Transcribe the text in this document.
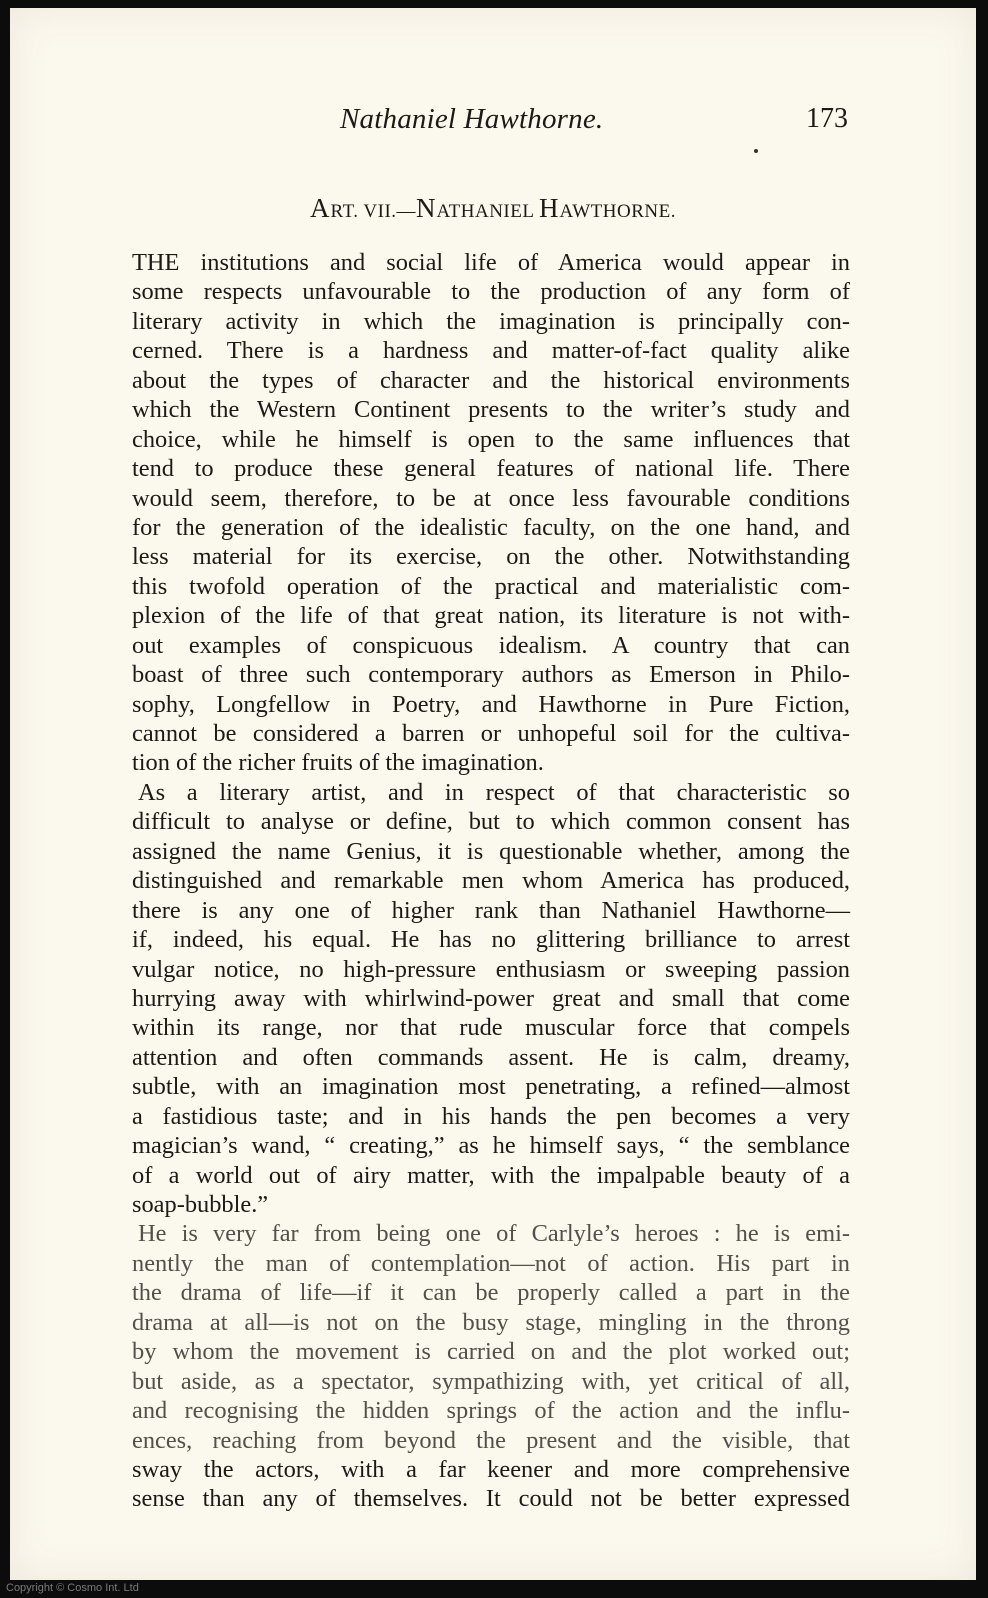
Nathaniel Hawthorne.	173
ART. VII.—NATHANIEL HAWTHORNE.
THE institutions and social life of America would appear in
some respects unfavourable to the production of any form of
literary activity in which the imagination is principally con-
cerned. There is a hardness and matter-of-fact quality alike
about the types of character and the historical environments
which the Western Continent presents to the writer’s study and
choice, while he himself is open to the same influences that
tend to produce these general features of national life. There
would seem, therefore, to be at once less favourable conditions
for the generation of the idealistic faculty, on the one hand, and
less material for its exercise, on the other. Notwithstanding
this twofold operation of the practical and materialistic com-
plexion of the life of that great nation, its literature is not with-
out examples of conspicuous idealism. A country that can
boast of three such contemporary authors as Emerson in Philo-
sophy, Longfellow in Poetry, and Hawthorne in Pure Fiction,
cannot be considered a barren or unhopeful soil for the cultiva-
tion of the richer fruits of the imagination.
As a literary artist, and in respect of that characteristic so
difficult to analyse or define, but to which common consent has
assigned the name Genius, it is questionable whether, among the
distinguished and remarkable men whom America has produced,
there is any one of higher rank than Nathaniel Hawthorne—
if, indeed, his equal. He has no glittering brilliance to arrest
vulgar notice, no high-pressure enthusiasm or sweeping passion
hurrying away with whirlwind-power great and small that come
within its range, nor that rude muscular force that compels
attention and often commands assent. He is calm, dreamy,
subtle, with an imagination most penetrating, a refined—almost
a fastidious taste; and in his hands the pen becomes a very
magician’s wand, “ creating,” as he himself says, “ the semblance
of a world out of airy matter, with the impalpable beauty of a
soap-bubble.”
He is very far from being one of Carlyle’s heroes : he is emi-
nently the man of contemplation—not of action. His part in
the drama of life—if it can be properly called a part in the
drama at all—is not on the busy stage, mingling in the throng
by whom the movement is carried on and the plot worked out;
but aside, as a spectator, sympathizing with, yet critical of all,
and recognising the hidden springs of the action and the influ-
ences, reaching from beyond the present and the visible, that
sway the actors, with a far keener and more comprehensive
sense than any of themselves. It could not be better expressed
Copyright © Cosmo Int. Ltd
